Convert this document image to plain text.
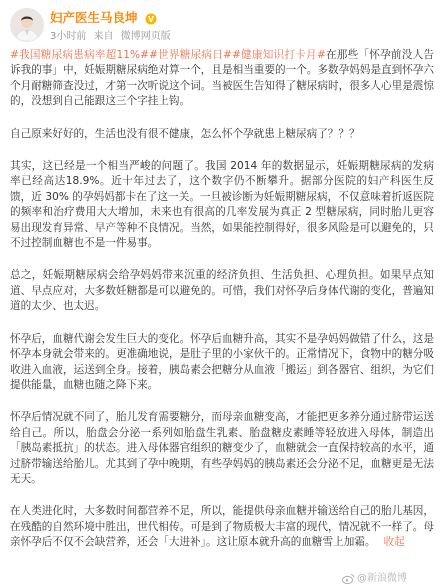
妇产医生马良坤 V
3小时前 来自 微博网页版

#我国糖尿病患病率超11%##世界糖尿病日##健康知识打卡月#在那些「怀孕前没人告诉我的事」中，妊娠期糖尿病绝对算一个，且是相当重要的一个。多数孕妈妈是直到怀孕六个月耐糖筛查没过，才第一次听说这个词。当被医生告知得了糖尿病时，很多人心里是震惊的，没想到自己能跟这三个字挂上钩。

自己原来好好的，生活也没有很不健康，怎么怀个孕就患上糖尿病了？？？

其实，这已经是一个相当严峻的问题了。我国 2014 年的数据显示，妊娠期糖尿病的发病率已经高达18.9%。近十年过去了，这个数字仍不断攀升。据部分医院的妇产科医生反馈，近 30% 的孕妈妈都卡在了这一关。一旦被诊断为妊娠期糖尿病，不仅意味着折返医院的频率和治疗费用大大增加，未来也有很高的几率发展为真正 2 型糖尿病，同时胎儿更容易出现发育异常、早产等种不良情况。当然，如果能控制得好，很多风险是可以避免的，只不过控制血糖也不是一件易事。

总之，妊娠期糖尿病会给孕妈妈带来沉重的经济负担、生活负担、心理负担。如果早点知道、早点应对，大多数妊糖都是可以避免的。可惜，我们对怀孕后身体代谢的变化，普遍知道的太少、也太迟。

怀孕后，血糖代谢会发生巨大的变化。怀孕后血糖升高，其实不是孕妈妈做错了什么，这是怀孕本身就会带来的。更准确地说，是肚子里的小家伙干的。正常情况下，食物中的糖分吸收进入血液，运送到全身。接着，胰岛素会把糖分从血液「搬运」到各器官、组织，为它们提供能量，血糖也随之降下来。

怀孕后情况就不同了，胎儿发育需要糖分，而母亲血糖变高，才能把更多养分通过脐带运送给自己。所以，胎盘会分泌一系列如胎盘生乳素、胎盘糖皮素睡等轻放进入母体，制造出「胰岛素抵抗」的状态。进入母体器官组织的糖变少了，血糖就会一直保持较高的水平，通过脐带输送给胎儿。尤其到了孕中晚期，有些孕妈妈的胰岛素还会分泌不足，血糖更是无法无天。

在人类进化时，大多数时间都营养不足，所以，能提供母亲血糖并输送给自己的胎儿基因，在残酷的自然环境中胜出，世代相传。可是到了物质极大丰富的现代，情况就不一样了。母亲怀孕后不仅不会缺营养，还会「大进补」。这让原本就升高的血糖雪上加霜。 收起

@新浪微博
